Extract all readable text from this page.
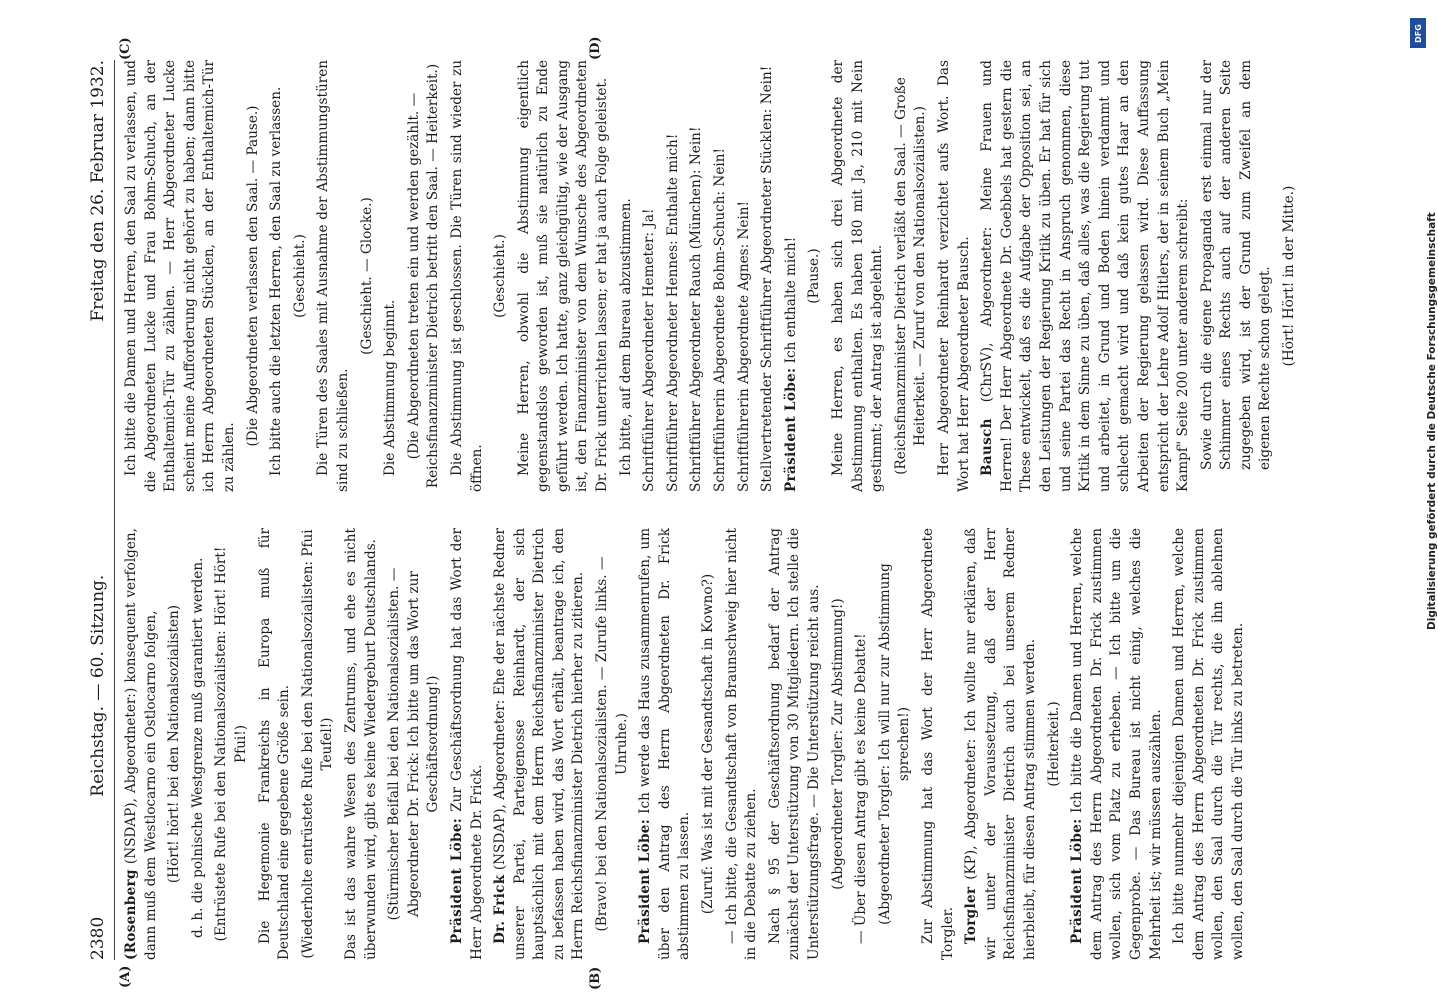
2380
Reichstag. — 60. Sitzung.
Freitag den 26. Februar 1932.
(A)	(B)
(C)	(D)

(Rosenberg (NSDAP), Abgeordneter:) konsequent verfolgen, dann muß dem Westlocarno ein Ostlocarno folgen, (Hört! hört! bei den Nationalsozialisten) d. h. die polnische Westgrenze muß garantiert werden. (Entrüstete Rufe bei den Nationalsozialisten: Hört! Hört! Pfui!) Die Hegemonie Frankreichs in Europa muß für Deutschland eine gegebene Größe sein. (Wiederholte entrüstete Rufe bei den Nationalsozialisten: Pfui Teufel!) Das ist das wahre Wesen des Zentrums, und ehe es nicht überwunden wird, gibt es keine Wiedergeburt Deutschlands. (Stürmischer Beifall bei den Nationalsozialisten. — Abgeordneter Dr. Frick: Ich bitte um das Wort zur Geschäftsordnung!)

Präsident Löbe: Zur Geschäftsordnung hat das Wort der Herr Abgeordnete Dr. Frick. Dr. Frick (NSDAP), Abgeordneter: Ehe der nächste Redner unserer Partei, Parteigenosse Reinhardt, der sich hauptsächlich mit dem Herrn Reichsfinanzminister Dietrich zu befassen haben wird, das Wort erhält, beantrage ich, den Herrn Reichsfinanzminister Dietrich hierher zu zitieren. (Bravo! bei den Nationalsozialisten. — Zurufe links. — Unruhe.)

Präsident Löbe: Ich werde das Haus zusammenrufen, um über den Antrag des Herrn Abgeordneten Dr. Frick abstimmen zu lassen. (Zuruf: Was ist mit der Gesandtschaft in Kowno?) — Ich bitte, die Gesandtschaft von Braunschweig hier nicht in die Debatte zu ziehen. Nach § 95 der Geschäftsordnung bedarf der Antrag zunächst der Unterstützung von 30 Mitgliedern. Ich stelle die Unterstützungsfrage. — Die Unterstützung reicht aus. (Abgeordneter Torgler: Zur Abstimmung!) — Über diesen Antrag gibt es keine Debatte! (Abgeordneter Torgler: Ich will nur zur Abstimmung sprechen!) Zur Abstimmung hat das Wort der Herr Abgeordnete Torgler. Torgler (KP), Abgeordneter: Ich wollte nur erklären, daß wir unter der Voraussetzung, daß der Herr Reichsfinanzminister Dietrich auch bei unserem Redner hierbleibt, für diesen Antrag stimmen werden. (Heiterkeit.)

Präsident Löbe: Ich bitte die Damen und Herren, welche dem Antrag des Herrn Abgeordneten Dr. Frick zustimmen wollen, sich vom Platz zu erheben. — Ich bitte um die Gegenprobe. — Das Bureau ist nicht einig, welches die Mehrheit ist; wir müssen auszählen. Ich bitte nunmehr diejenigen Damen und Herren, welche dem Antrag des Herrn Abgeordneten Dr. Frick zustimmen wollen, den Saal durch die Tür rechts, die ihn ablehnen wollen, den Saal durch die Tür links zu betreten.

Ich bitte die Damen und Herren, den Saal zu verlassen, und die Abgeordneten Lucke und Frau Bohm-Schuch, an der Enthaltemich-Tür zu zählen. — Herr Abgeordneter Lucke scheint meine Aufforderung nicht gehört zu haben; dann bitte ich Herrn Abgeordneten Stücklen, an der Enthaltemich-Tür zu zählen.

(Die Abgeordneten verlassen den Saal. — Pause.) Ich bitte auch die letzten Herren, den Saal zu verlassen. (Geschieht.) Die Türen des Saales mit Ausnahme der Abstimmungstüren sind zu schließen.

(Geschieht. — Glocke.)

Die Abstimmung beginnt. (Die Abgeordneten treten ein und werden gezählt. — Reichsfinanzminister Dietrich betritt den Saal. — Heiterkeit.) Die Abstimmung ist geschlossen. Die Türen sind wieder zu öffnen.

(Geschieht.) Meine Herren, obwohl die Abstimmung eigentlich gegenstandslos geworden ist, muß sie natürlich zu Ende geführt werden. Ich hatte, ganz gleichgültig, wie der Ausgang ist, den Finanzminister von dem Wunsche des Abgeordneten Dr. Frick unterrichten lassen; er hat ja auch Folge geleistet. Ich bitte, auf dem Bureau abzustimmen. Schriftführer Abgeordneter Hemeter: Ja! Schriftführer Abgeordneter Hennes: Enthalte mich! Schriftführer Abgeordneter Rauch (München): Nein! Schriftführerin Abgeordnete Bohm-Schuch: Nein! Schriftführerin Abgeordnete Agnes: Nein! Stellvertretender Schriftführer Abgeordneter Stücklen: Nein! Präsident Löbe: Ich enthalte mich! (Pause.) Meine Herren, es haben sich drei Abgeordnete der Abstimmung enthalten. Es haben 180 mit Ja, 210 mit Nein gestimmt; der Antrag ist abgelehnt. (Reichsfinanzminister Dietrich verläßt den Saal. — Große Heiterkeit. — Zuruf von den Nationalsozialisten.) Herr Abgeordneter Reinhardt verzichtet aufs Wort. Das Wort hat Herr Abgeordneter Bausch. Bausch (ChrSV), Abgeordneter: Meine Frauen und Herren! Der Herr Abgeordnete Dr. Goebbels hat gestern die These entwickelt, daß es die Aufgabe der Opposition sei, an den Leistungen der Regierung Kritik zu üben. Er hat für sich und seine Partei das Recht in Anspruch genommen, diese Kritik in dem Sinne zu üben, daß alles, was die Regierung tut und arbeitet, in Grund und Boden hinein verdammt und schlecht gemacht wird und daß kein gutes Haar an den Arbeiten der Regierung gelassen wird. Diese Auffassung entspricht der Lehre Adolf Hitlers, der in seinem Buch „Mein Kampf" Seite 200 unter anderem schreibt: Sowie durch die eigene Propaganda erst einmal nur der Schimmer eines Rechts auch auf der anderen Seite zugegeben wird, ist der Grund zum Zweifel an dem eigenen Rechte schon gelegt. (Hört! Hört! in der Mitte.)

DFG
Digitalisierung gefördert durch die Deutsche Forschungsgemeinschaft
